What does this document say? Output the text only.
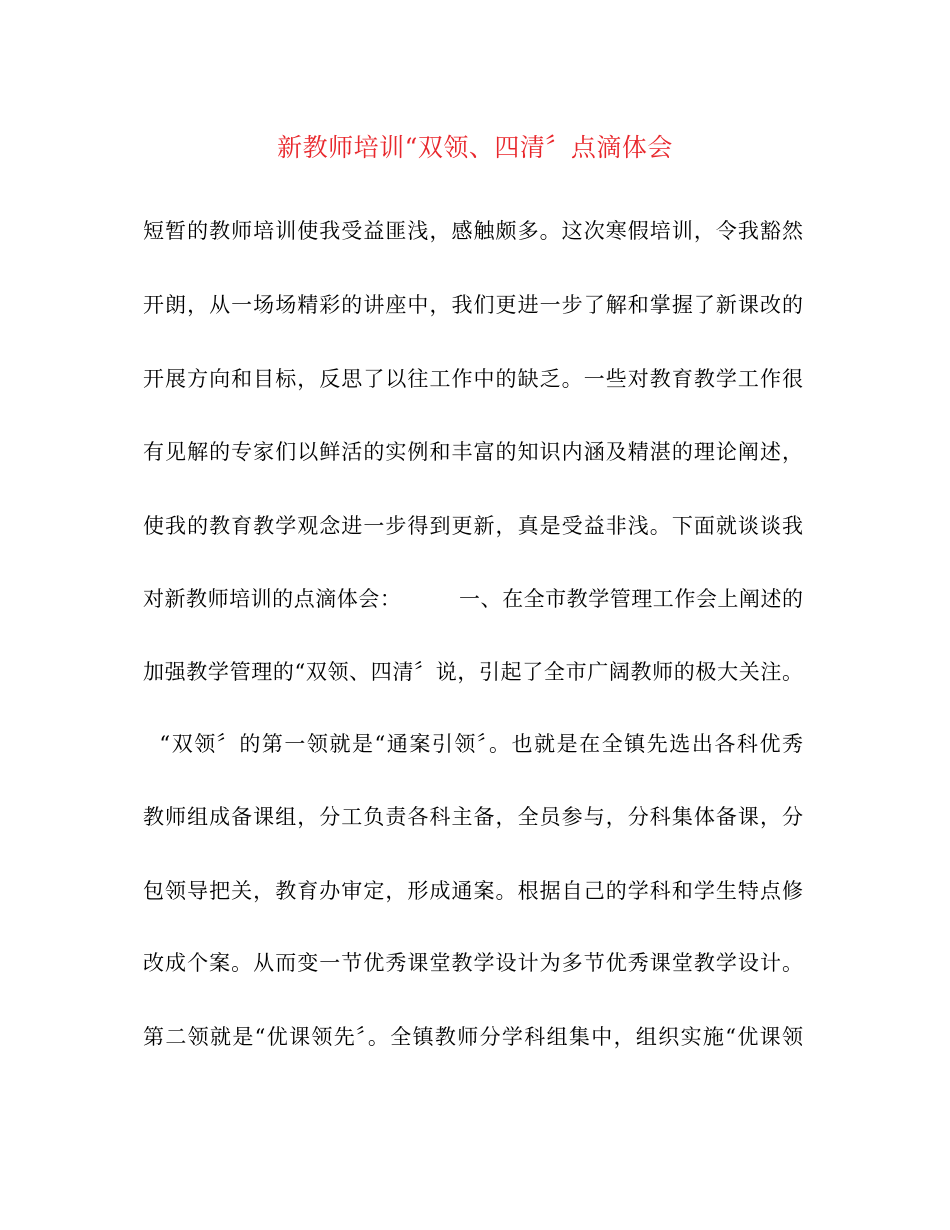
新教师培训“双领、四清〞点滴体会
短暂的教师培训使我受益匪浅，感触颇多。这次寒假培训，令我豁然
开朗，从一场场精彩的讲座中，我们更进一步了解和掌握了新课改的
开展方向和目标，反思了以往工作中的缺乏。一些对教育教学工作很
有见解的专家们以鲜活的实例和丰富的知识内涵及精湛的理论阐述，
使我的教育教学观念进一步得到更新，真是受益非浅。下面就谈谈我
对新教师培训的点滴体会：        一、在全市教学管理工作会上阐述的
加强教学管理的“双领、四清〞说，引起了全市广阔教师的极大关注。
“双领〞的第一领就是“通案引领〞。也就是在全镇先选出各科优秀
教师组成备课组，分工负责各科主备，全员参与，分科集体备课，分
包领导把关，教育办审定，形成通案。根据自己的学科和学生特点修
改成个案。从而变一节优秀课堂教学设计为多节优秀课堂教学设计。
第二领就是“优课领先〞。全镇教师分学科组集中，组织实施“优课领
